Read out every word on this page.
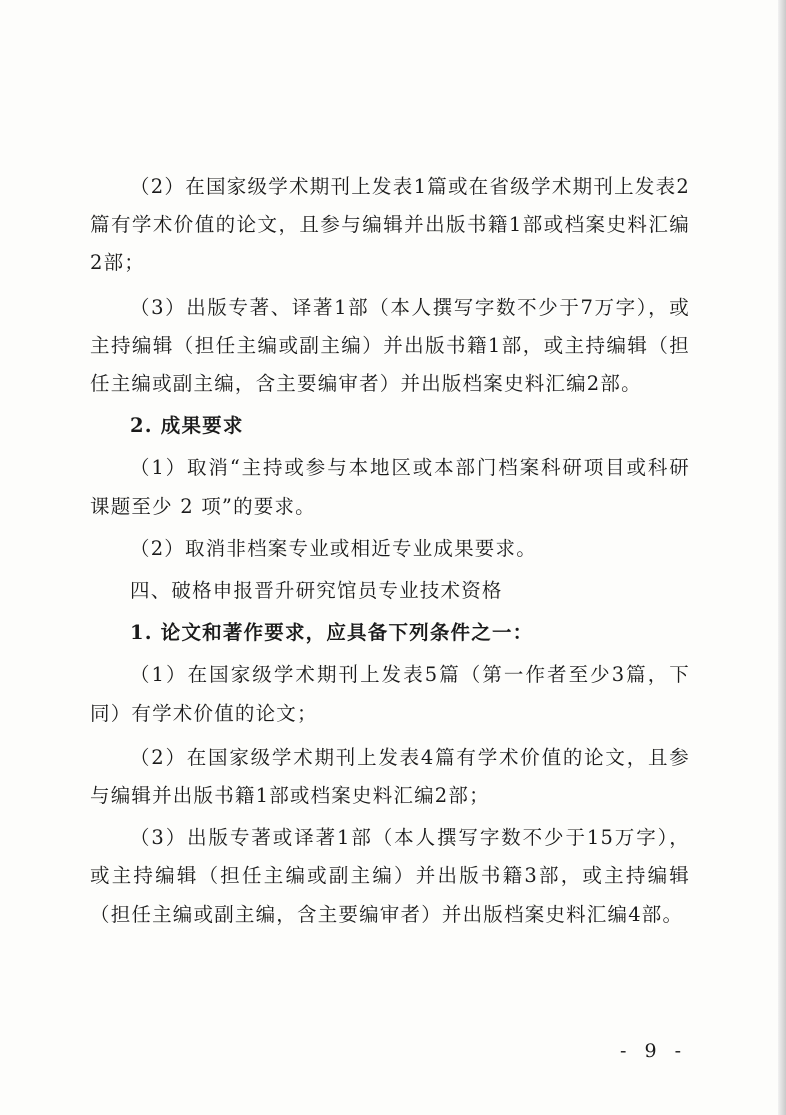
（2）在国家级学术期刊上发表1篇或在省级学术期刊上发表2篇有学术价值的论文，且参与编辑并出版书籍1部或档案史料汇编2部；

（3）出版专著、译著1部（本人撰写字数不少于7万字），或主持编辑（担任主编或副主编）并出版书籍1部，或主持编辑（担任主编或副主编，含主要编审者）并出版档案史料汇编2部。

2. 成果要求

（1）取消“主持或参与本地区或本部门档案科研项目或科研课题至少 2 项”的要求。

（2）取消非档案专业或相近专业成果要求。

四、破格申报晋升研究馆员专业技术资格
1. 论文和著作要求，应具备下列条件之一：

（1）在国家级学术期刊上发表5篇（第一作者至少3篇，下同）有学术价值的论文；

（2）在国家级学术期刊上发表4篇有学术价值的论文，且参与编辑并出版书籍1部或档案史料汇编2部；

（3）出版专著或译著1部（本人撰写字数不少于15万字），或主持编辑（担任主编或副主编）并出版书籍3部，或主持编辑（担任主编或副主编，含主要编审者）并出版档案史料汇编4部。

- 9 -
